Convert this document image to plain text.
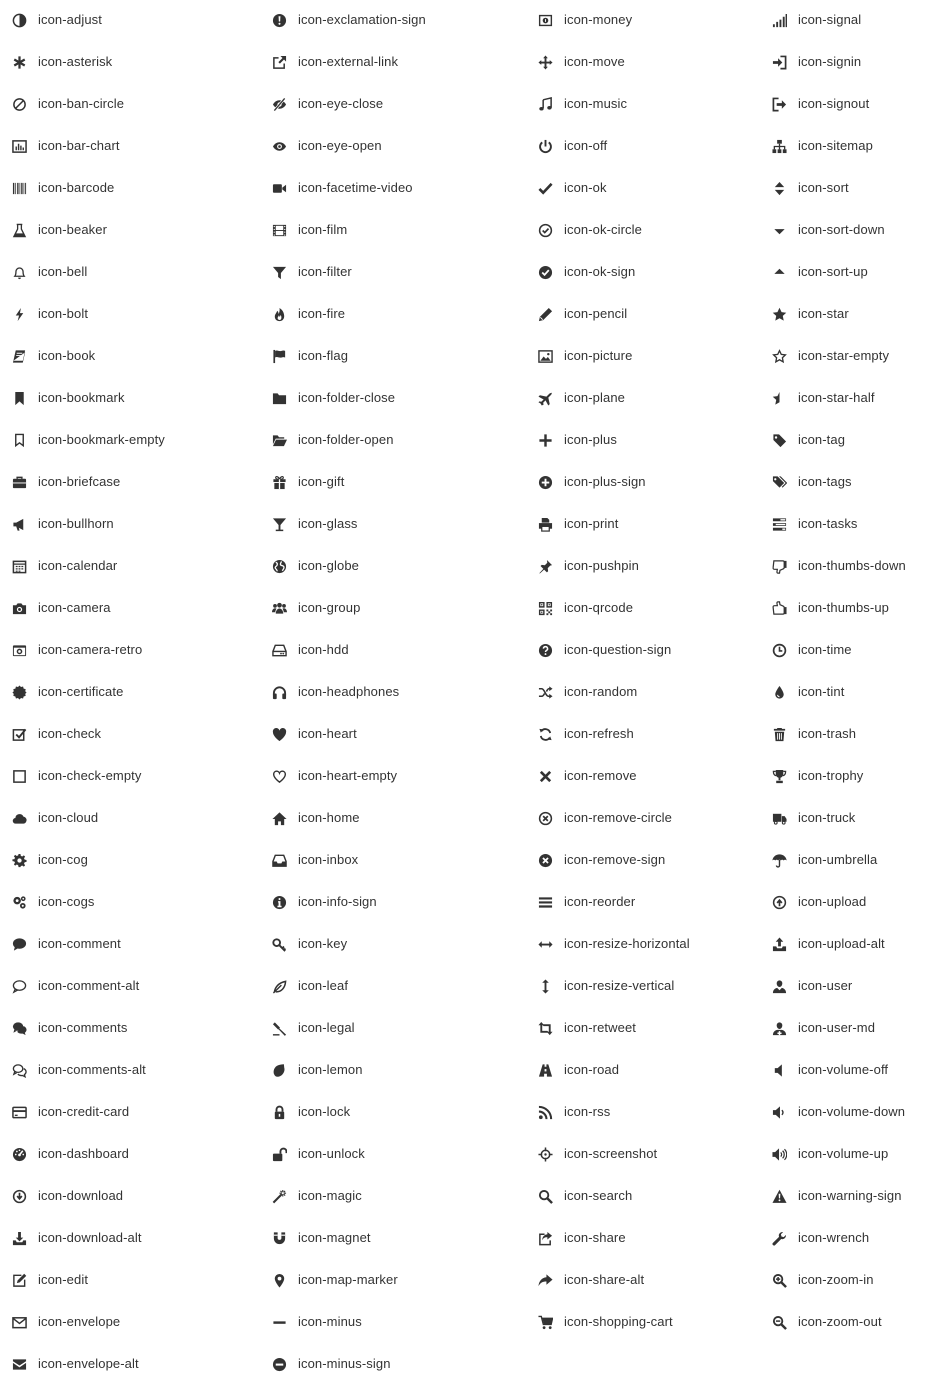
icon-adjust
icon-asterisk
icon-ban-circle
icon-bar-chart
icon-barcode
icon-beaker
icon-bell
icon-bolt
icon-book
icon-bookmark
icon-bookmark-empty
icon-briefcase
icon-bullhorn
icon-calendar
icon-camera
icon-camera-retro
icon-certificate
icon-check
icon-check-empty
icon-cloud
icon-cog
icon-cogs
icon-comment
icon-comment-alt
icon-comments
icon-comments-alt
icon-credit-card
icon-dashboard
icon-download
icon-download-alt
icon-edit
icon-envelope
icon-envelope-alt
icon-exclamation-sign
icon-external-link
icon-eye-close
icon-eye-open
icon-facetime-video
icon-film
icon-filter
icon-fire
icon-flag
icon-folder-close
icon-folder-open
icon-gift
icon-glass
icon-globe
icon-group
icon-hdd
icon-headphones
icon-heart
icon-heart-empty
icon-home
icon-inbox
icon-info-sign
icon-key
icon-leaf
icon-legal
icon-lemon
icon-lock
icon-unlock
icon-magic
icon-magnet
icon-map-marker
icon-minus
icon-minus-sign
icon-money
icon-move
icon-music
icon-off
icon-ok
icon-ok-circle
icon-ok-sign
icon-pencil
icon-picture
icon-plane
icon-plus
icon-plus-sign
icon-print
icon-pushpin
icon-qrcode
icon-question-sign
icon-random
icon-refresh
icon-remove
icon-remove-circle
icon-remove-sign
icon-reorder
icon-resize-horizontal
icon-resize-vertical
icon-retweet
icon-road
icon-rss
icon-screenshot
icon-search
icon-share
icon-share-alt
icon-shopping-cart
icon-signal
icon-signin
icon-signout
icon-sitemap
icon-sort
icon-sort-down
icon-sort-up
icon-star
icon-star-empty
icon-star-half
icon-tag
icon-tags
icon-tasks
icon-thumbs-down
icon-thumbs-up
icon-time
icon-tint
icon-trash
icon-trophy
icon-truck
icon-umbrella
icon-upload
icon-upload-alt
icon-user
icon-user-md
icon-volume-off
icon-volume-down
icon-volume-up
icon-warning-sign
icon-wrench
icon-zoom-in
icon-zoom-out
